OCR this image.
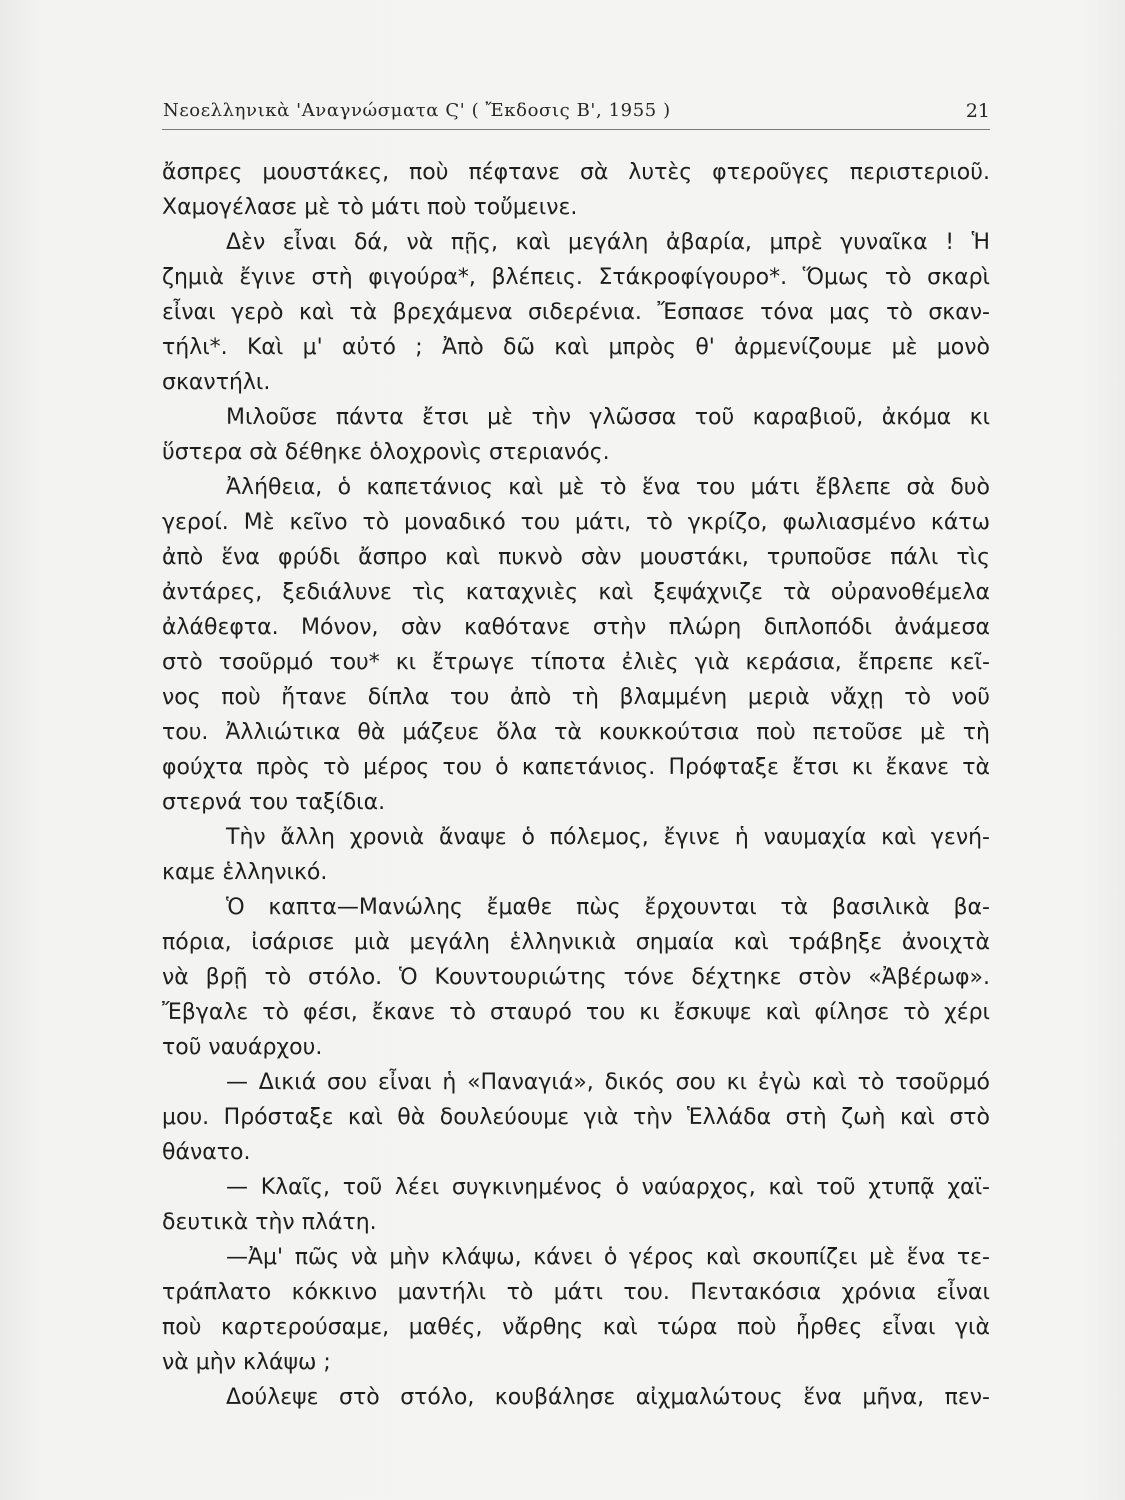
Νεοελληνικὰ 'Αναγνώσματα Ϛ' ( Ἔκδοσις Β', 1955 )	21
ἄσπρες μουστάκες, ποὺ πέφτανε σὰ λυτὲς φτεροῦγες περιστεριοῦ.
Χαμογέλασε μὲ τὸ μάτι ποὺ τοὔμεινε.
Δὲν εἶναι δά, νὰ πῇς, καὶ μεγάλη ἀβαρία, μπρὲ γυναῖκα ! Ἡ
ζημιὰ ἔγινε στὴ φιγούρα*, βλέπεις. Στάκροφίγουρο*. Ὅμως τὸ σκαρὶ
εἶναι γερὸ καὶ τὰ βρεχάμενα σιδερένια. Ἔσπασε τόνα μας τὸ σκαν-
τήλι*. Καὶ μ' αὐτό ; Ἀπὸ δῶ καὶ μπρὸς θ' ἀρμενίζουμε μὲ μονὸ
σκαντήλι.
Μιλοῦσε πάντα ἔτσι μὲ τὴν γλῶσσα τοῦ καραβιοῦ, ἀκόμα κι
ὕστερα σὰ δέθηκε ὁλοχρονὶς στεριανός.
Ἀλήθεια, ὁ καπετάνιος καὶ μὲ τὸ ἕνα του μάτι ἔβλεπε σὰ δυὸ
γεροί. Μὲ κεῖνο τὸ μοναδικό του μάτι, τὸ γκρίζο, φωλιασμένο κάτω
ἀπὸ ἕνα φρύδι ἄσπρο καὶ πυκνὸ σὰν μουστάκι, τρυποῦσε πάλι τὶς
ἀντάρες, ξεδιάλυνε τὶς καταχνιὲς καὶ ξεψάχνιζε τὰ οὐρανοθέμελα
ἀλάθεφτα. Μόνον, σὰν καθότανε στὴν πλώρη διπλοπόδι ἀνάμεσα
στὸ τσοῦρμό του* κι ἔτρωγε τίποτα ἐλιὲς γιὰ κεράσια, ἔπρεπε κεῖ-
νος ποὺ ἤτανε δίπλα του ἀπὸ τὴ βλαμμένη μεριὰ νἄχῃ τὸ νοῦ
του. Ἀλλιώτικα θὰ μάζευε ὅλα τὰ κουκκούτσια ποὺ πετοῦσε μὲ τὴ
φούχτα πρὸς τὸ μέρος του ὁ καπετάνιος. Πρόφταξε ἔτσι κι ἔκανε τὰ
στερνά του ταξίδια.
Τὴν ἄλλη χρονιὰ ἄναψε ὁ πόλεμος, ἔγινε ἡ ναυμαχία καὶ γενή-
καμε ἑλληνικό.
Ὁ καπτα—Μανώλης ἔμαθε πὼς ἔρχουνται τὰ βασιλικὰ βα-
πόρια, ἰσάρισε μιὰ μεγάλη ἑλληνικιὰ σημαία καὶ τράβηξε ἀνοιχτὰ
νὰ βρῇ τὸ στόλο. Ὁ Κουντουριώτης τόνε δέχτηκε στὸν «Ἀβέρωφ».
Ἔβγαλε τὸ φέσι, ἔκανε τὸ σταυρό του κι ἔσκυψε καὶ φίλησε τὸ χέρι
τοῦ ναυάρχου.
— Δικιά σου εἶναι ἡ «Παναγιά», δικός σου κι ἐγὼ καὶ τὸ τσοῦρμό
μου. Πρόσταξε καὶ θὰ δουλεύουμε γιὰ τὴν Ἑλλάδα στὴ ζωὴ καὶ στὸ
θάνατο.
— Κλαῖς, τοῦ λέει συγκινημένος ὁ ναύαρχος, καὶ τοῦ χτυπᾷ χαϊ-
δευτικὰ τὴν πλάτη.
—Ἀμ' πῶς νὰ μὴν κλάψω, κάνει ὁ γέρος καὶ σκουπίζει μὲ ἕνα τε-
τράπλατο κόκκινο μαντήλι τὸ μάτι του. Πεντακόσια χρόνια εἶναι
ποὺ καρτερούσαμε, μαθές, νἄρθης καὶ τώρα ποὺ ἦρθες εἶναι γιὰ
νὰ μὴν κλάψω ;
Δούλεψε στὸ στόλο, κουβάλησε αἰχμαλώτους ἕνα μῆνα, πεν-
